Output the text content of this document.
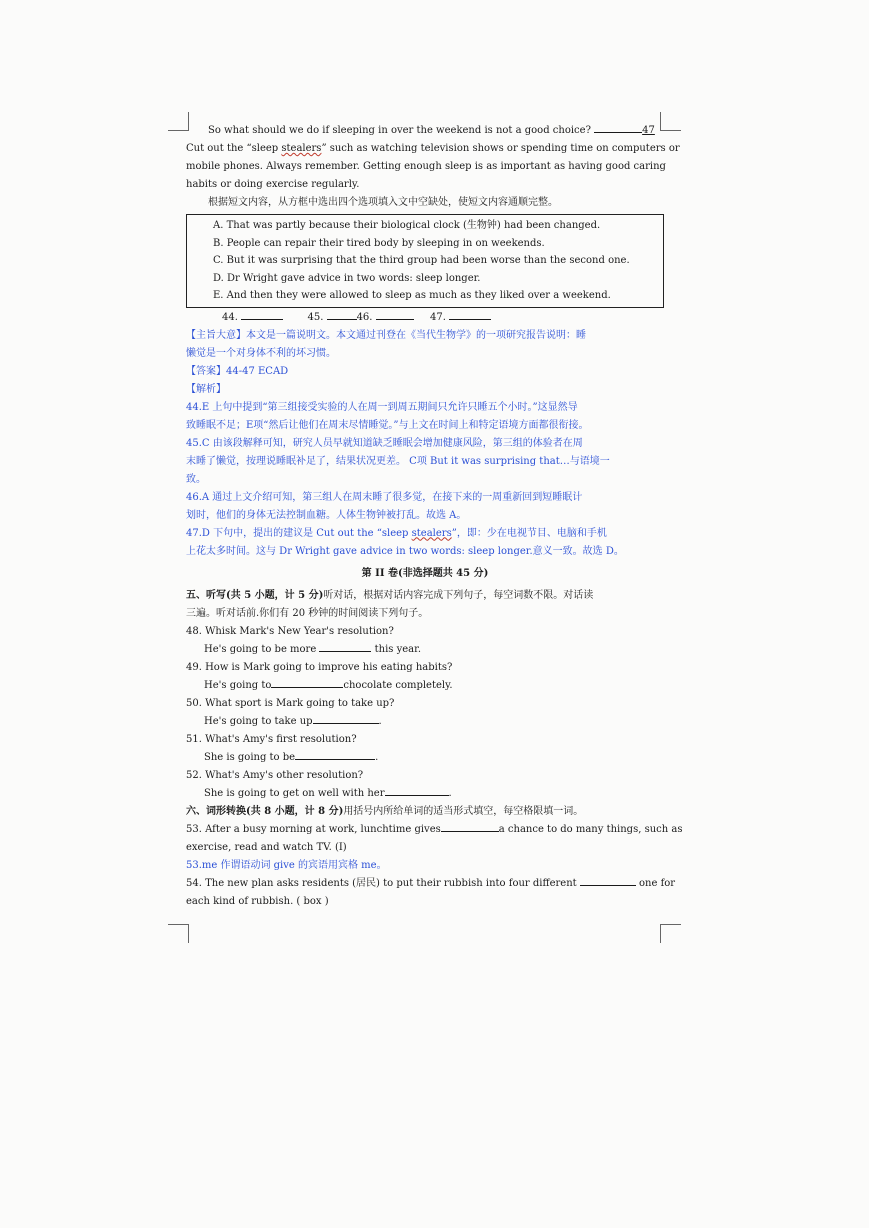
So what should we do if sleeping in over the weekend is not a good choice?	47
Cut out the “sleep stealers” such as watching television shows or spending time on computers or
mobile phones. Always remember. Getting enough sleep is as important as having good caring
habits or doing exercise regularly.
根据短文内容，从方框中选出四个选项填入文中空缺处，使短文内容通顺完整。
A. That was partly because their biological clock (生物钟) had been changed.
B. People can repair their tired body by sleeping in on weekends.
C. But it was surprising that the third group had been worse than the second one.
D. Dr Wright gave advice in two words: sleep longer.
E. And then they were allowed to sleep as much as they liked over a weekend.
44.	45.	46.	47.
【主旨大意】本文是一篇说明文。本文通过刊登在《当代生物学》的一项研究报告说明：睡
懒觉是一个对身体不利的坏习惯。
【答案】44-47 ECAD
【解析】
44.E 上句中提到“第三组接受实验的人在周一到周五期间只允许只睡五个小时。”这显然导
致睡眠不足；E项“然后让他们在周末尽情睡觉。”与上文在时间上和特定语境方面都很衔接。
45.C 由该段解释可知，研究人员早就知道缺乏睡眠会增加健康风险，第三组的体验者在周
末睡了懒觉，按理说睡眠补足了，结果状况更差。 C项 But it was surprising that…与语境一
致。
46.A 通过上文介绍可知，第三组人在周末睡了很多觉，在接下来的一周重新回到短睡眠计
划时，他们的身体无法控制血糖。人体生物钟被打乱。故选 A。
47.D 下句中，提出的建议是 Cut out the “sleep stealers”，即：少在电视节目、电脑和手机
上花太多时间。这与 Dr Wright gave advice in two words: sleep longer.意义一致。故选 D。
第 II 卷(非选择题共 45 分)
五、听写(共 5 小题，计 5 分)听对话，根据对话内容完成下列句子，每空词数不限。对话读
三遍。听对话前.你们有 20 秒钟的时间阅读下列句子。
48. Whisk Mark's New Year's resolution?
He's going to be more	this year.
49. How is Mark going to improve his eating habits?
He's going to	chocolate completely.
50. What sport is Mark going to take up?
He's going to take up	.
51. What's Amy's first resolution?
She is going to be	.
52. What's Amy's other resolution?
She is going to get on well with her	.
六、词形转换(共 8 小题，计 8 分)用括号内所给单词的适当形式填空，每空格限填一词。
53. After a busy morning at work, lunchtime gives	a chance to do many things, such as
exercise, read and watch TV. (I)
53.me 作谓语动词 give 的宾语用宾格 me。
54. The new plan asks residents (居民) to put their rubbish into four different	one for
each kind of rubbish. ( box )
